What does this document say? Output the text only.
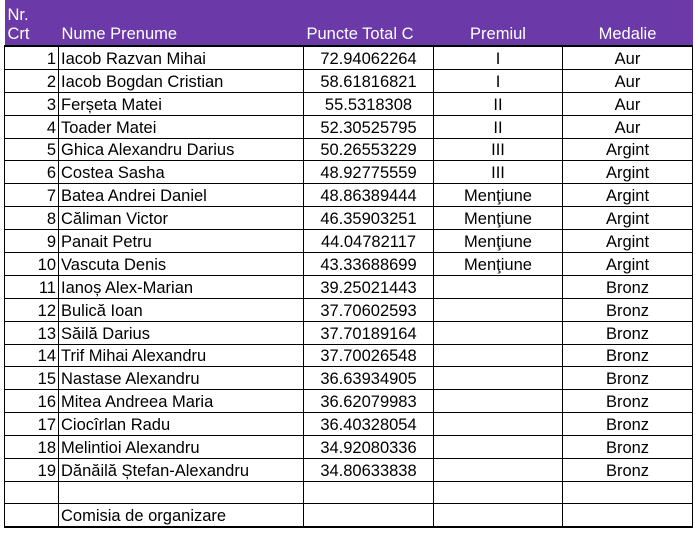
Nr.
Crt	Nume Prenume	Puncte Total C	Premiul	Medalie
1	Iacob Razvan Mihai	72.94062264	I	Aur
2	Iacob Bogdan Cristian	58.61816821	I	Aur
3	Ferșeta Matei	55.5318308	II	Aur
4	Toader Matei	52.30525795	II	Aur
5	Ghica Alexandru Darius	50.26553229	III	Argint
6	Costea Sasha	48.92775559	III	Argint
7	Batea Andrei Daniel	48.86389444	Menţiune	Argint
8	Căliman Victor	46.35903251	Menţiune	Argint
9	Panait Petru	44.04782117	Menţiune	Argint
10	Vascuta Denis	43.33688699	Menţiune	Argint
11	Ianoș Alex-Marian	39.25021443		Bronz
12	Bulică Ioan	37.70602593		Bronz
13	Săilă Darius	37.70189164		Bronz
14	Trif Mihai Alexandru	37.70026548		Bronz
15	Nastase Alexandru	36.63934905		Bronz
16	Mitea Andreea Maria	36.62079983		Bronz
17	Ciocîrlan Radu	36.40328054		Bronz
18	Melintioi Alexandru	34.92080336		Bronz
19	Dănăilă Ștefan-Alexandru	34.80633838		Bronz

	Comisia de organizare			
